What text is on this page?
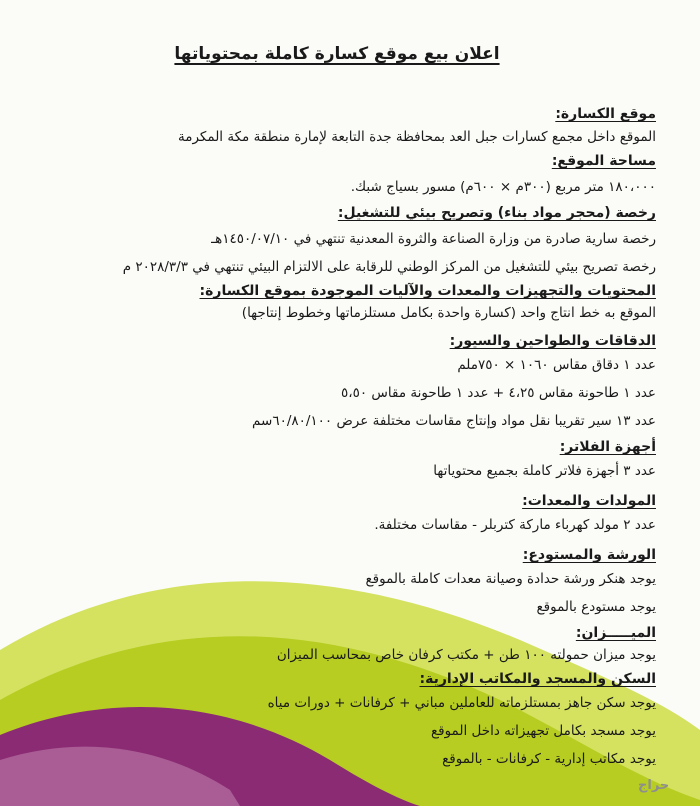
اعلان بيع موقع كسارة كاملة بمحتوياتها
موقع الكسارة:
الموقع داخل مجمع كسارات جبل العد بمحافظة جدة التابعة لإمارة منطقة مكة المكرمة
مساحة الموقع:
١٨٠،٠٠٠ متر مربع (٣٠٠م × ٦٠٠م) مسور بسياج شبك.
رخصة (محجر مواد بناء) وتصريح بيئي للتشغيل:
رخصة سارية صادرة من وزارة الصناعة والثروة المعدنية تنتهي في ١٤٥٠/٠٧/١٠هـ
رخصة تصريح بيئي للتشغيل من المركز الوطني للرقابة على الالتزام البيئي تنتهي في ٢٠٢٨/٣/٣ م
المحتويات والتجهيزات والمعدات والآليات الموجودة بموقع الكسارة:
الموقع به خط انتاج واحد (كسارة واحدة بكامل مستلزماتها وخطوط إنتاجها)
الدقاقات والطواحين والسيور:
عدد ١ دقاق مقاس ١٠٦٠ × ٧٥٠ملم
عدد ١ طاحونة مقاس ٤،٢٥ + عدد ١ طاحونة مقاس ٥،٥٠
عدد ١٣ سير تقريبا نقل مواد وإنتاج مقاسات مختلفة عرض ٦٠/٨٠/١٠٠سم
أجهزة الفلاتر:
عدد ٣ أجهزة فلاتر كاملة بجميع محتوياتها
المولدات والمعدات:
عدد ٢ مولد كهرباء ماركة كتربلر - مقاسات مختلفة.
الورشة والمستودع:
يوجد هنكر ورشة حدادة وصيانة معدات كاملة بالموقع
يوجد مستودع بالموقع
الميـــــزان:
يوجد ميزان حمولته ١٠٠ طن + مكتب كرفان خاص بمحاسب الميزان
السكن والمسجد والمكاتب الإدارية:
يوجد سكن جاهز بمستلزماته للعاملين مباني + كرفانات + دورات مياه
يوجد مسجد بكامل تجهيزاته داخل الموقع
يوجد مكاتب إدارية - كرفانات - بالموقع
حراج
